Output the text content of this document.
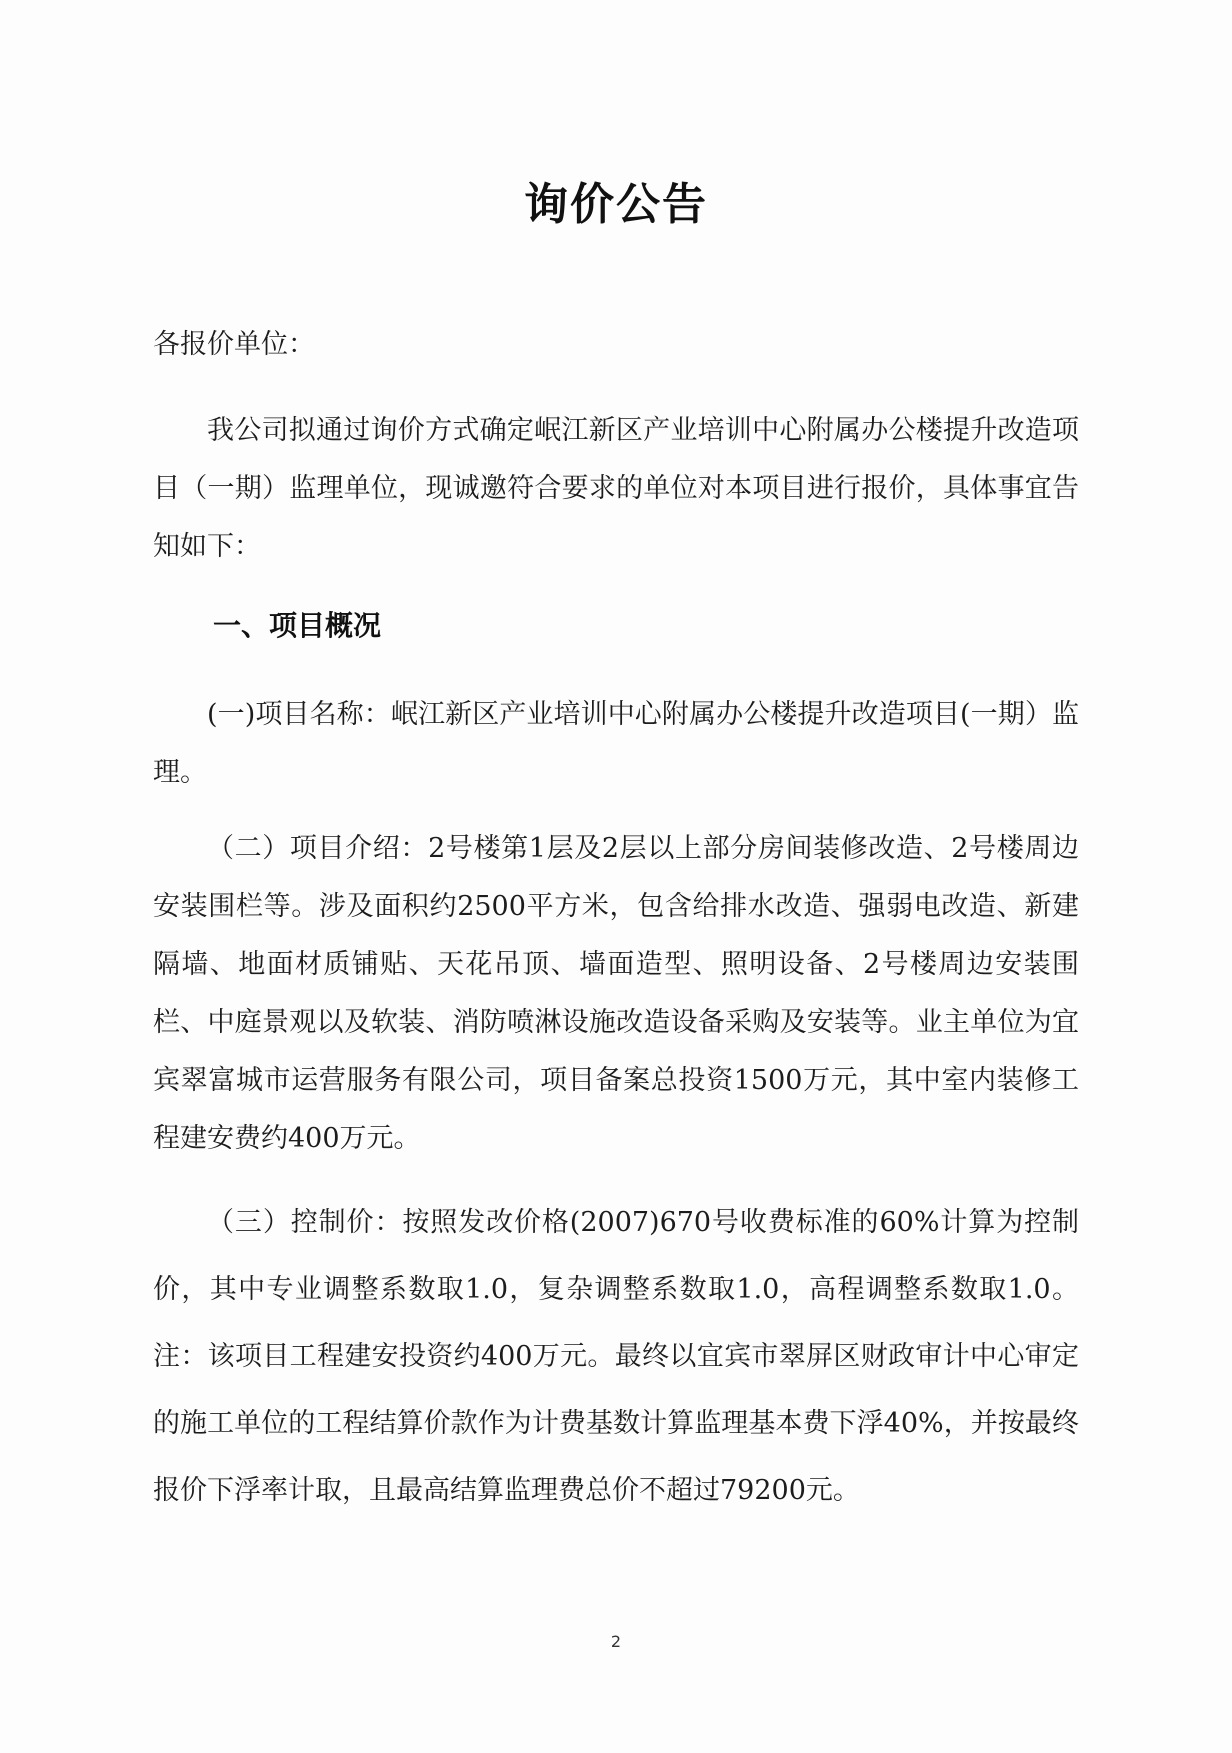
询价公告
各报价单位：
我公司拟通过询价方式确定岷江新区产业培训中心附属办公楼提升改造项目（一期）监理单位，现诚邀符合要求的单位对本项目进行报价，具体事宜告知如下：
一、项目概况
(一)项目名称：岷江新区产业培训中心附属办公楼提升改造项目(一期）监理。
（二）项目介绍：2号楼第1层及2层以上部分房间装修改造、2号楼周边安装围栏等。涉及面积约2500平方米，包含给排水改造、强弱电改造、新建隔墙、地面材质铺贴、天花吊顶、墙面造型、照明设备、2号楼周边安装围栏、中庭景观以及软装、消防喷淋设施改造设备采购及安装等。业主单位为宜宾翠富城市运营服务有限公司，项目备案总投资1500万元，其中室内装修工程建安费约400万元。
（三）控制价：按照发改价格(2007)670号收费标准的60%计算为控制价，其中专业调整系数取1.0，复杂调整系数取1.0，高程调整系数取1.0。注：该项目工程建安投资约400万元。最终以宜宾市翠屏区财政审计中心审定的施工单位的工程结算价款作为计费基数计算监理基本费下浮40%，并按最终报价下浮率计取，且最高结算监理费总价不超过79200元。
2
